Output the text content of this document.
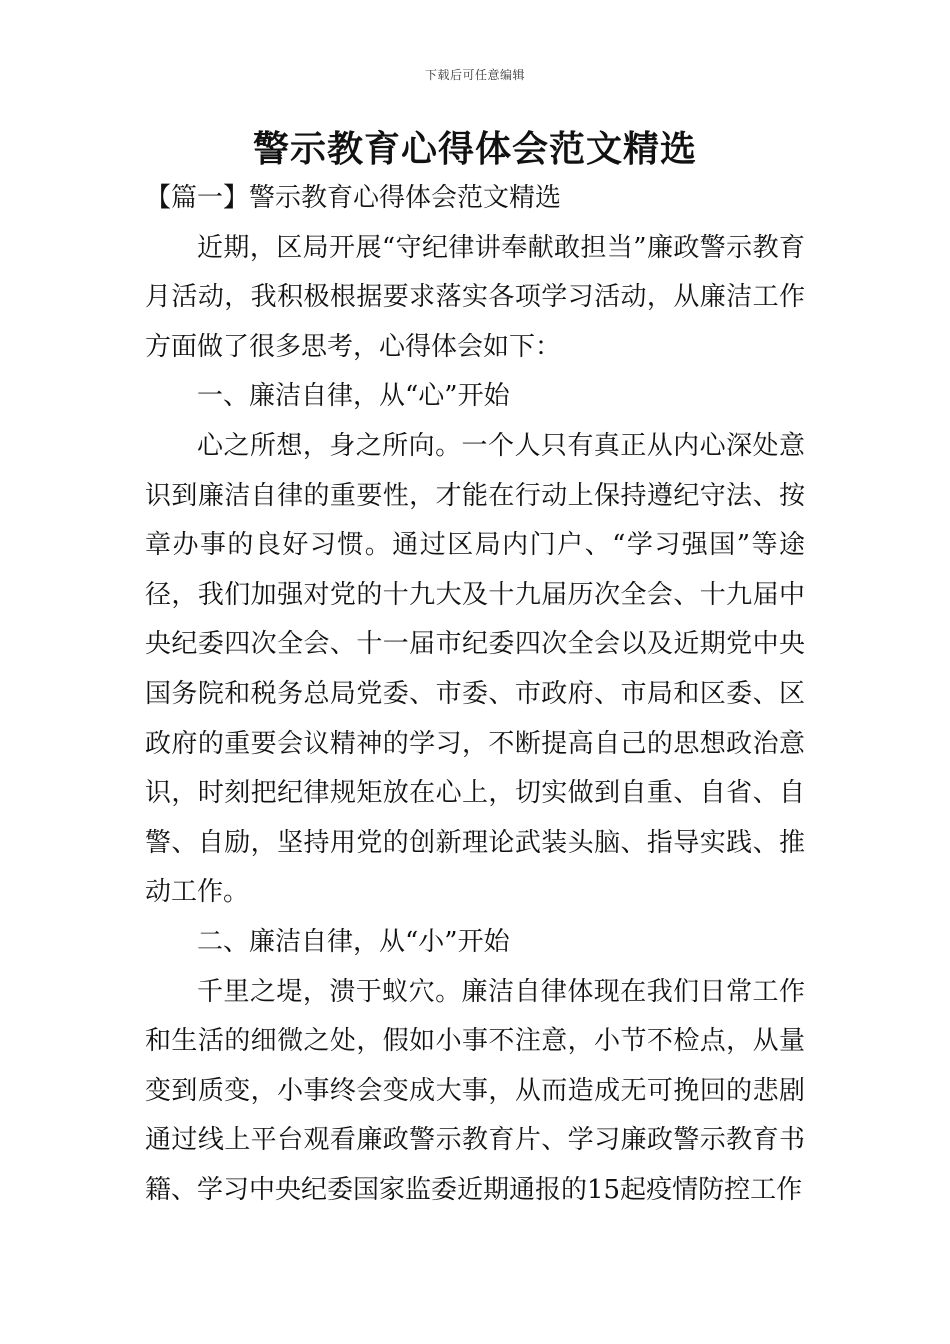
下载后可任意编辑
警示教育心得体会范文精选

【篇一】警示教育心得体会范文精选

近期，区局开展“守纪律讲奉献敢担当”廉政警示教育月活动，我积极根据要求落实各项学习活动，从廉洁工作方面做了很多思考，心得体会如下：

一、廉洁自律，从“心”开始

心之所想，身之所向。一个人只有真正从内心深处意识到廉洁自律的重要性，才能在行动上保持遵纪守法、按章办事的良好习惯。通过区局内门户、“学习强国”等途径，我们加强对党的十九大及十九届历次全会、十九届中央纪委四次全会、十一届市纪委四次全会以及近期党中央国务院和税务总局党委、市委、市政府、市局和区委、区政府的重要会议精神的学习，不断提高自己的思想政治意识，时刻把纪律规矩放在心上，切实做到自重、自省、自警、自励，坚持用党的创新理论武装头脑、指导实践、推动工作。

二、廉洁自律，从“小”开始

千里之堤，溃于蚁穴。廉洁自律体现在我们日常工作和生活的细微之处，假如小事不注意，小节不检点，从量变到质变，小事终会变成大事，从而造成无可挽回的悲剧通过线上平台观看廉政警示教育片、学习廉政警示教育书籍、学习中央纪委国家监委近期通报的15起疫情防控工作
